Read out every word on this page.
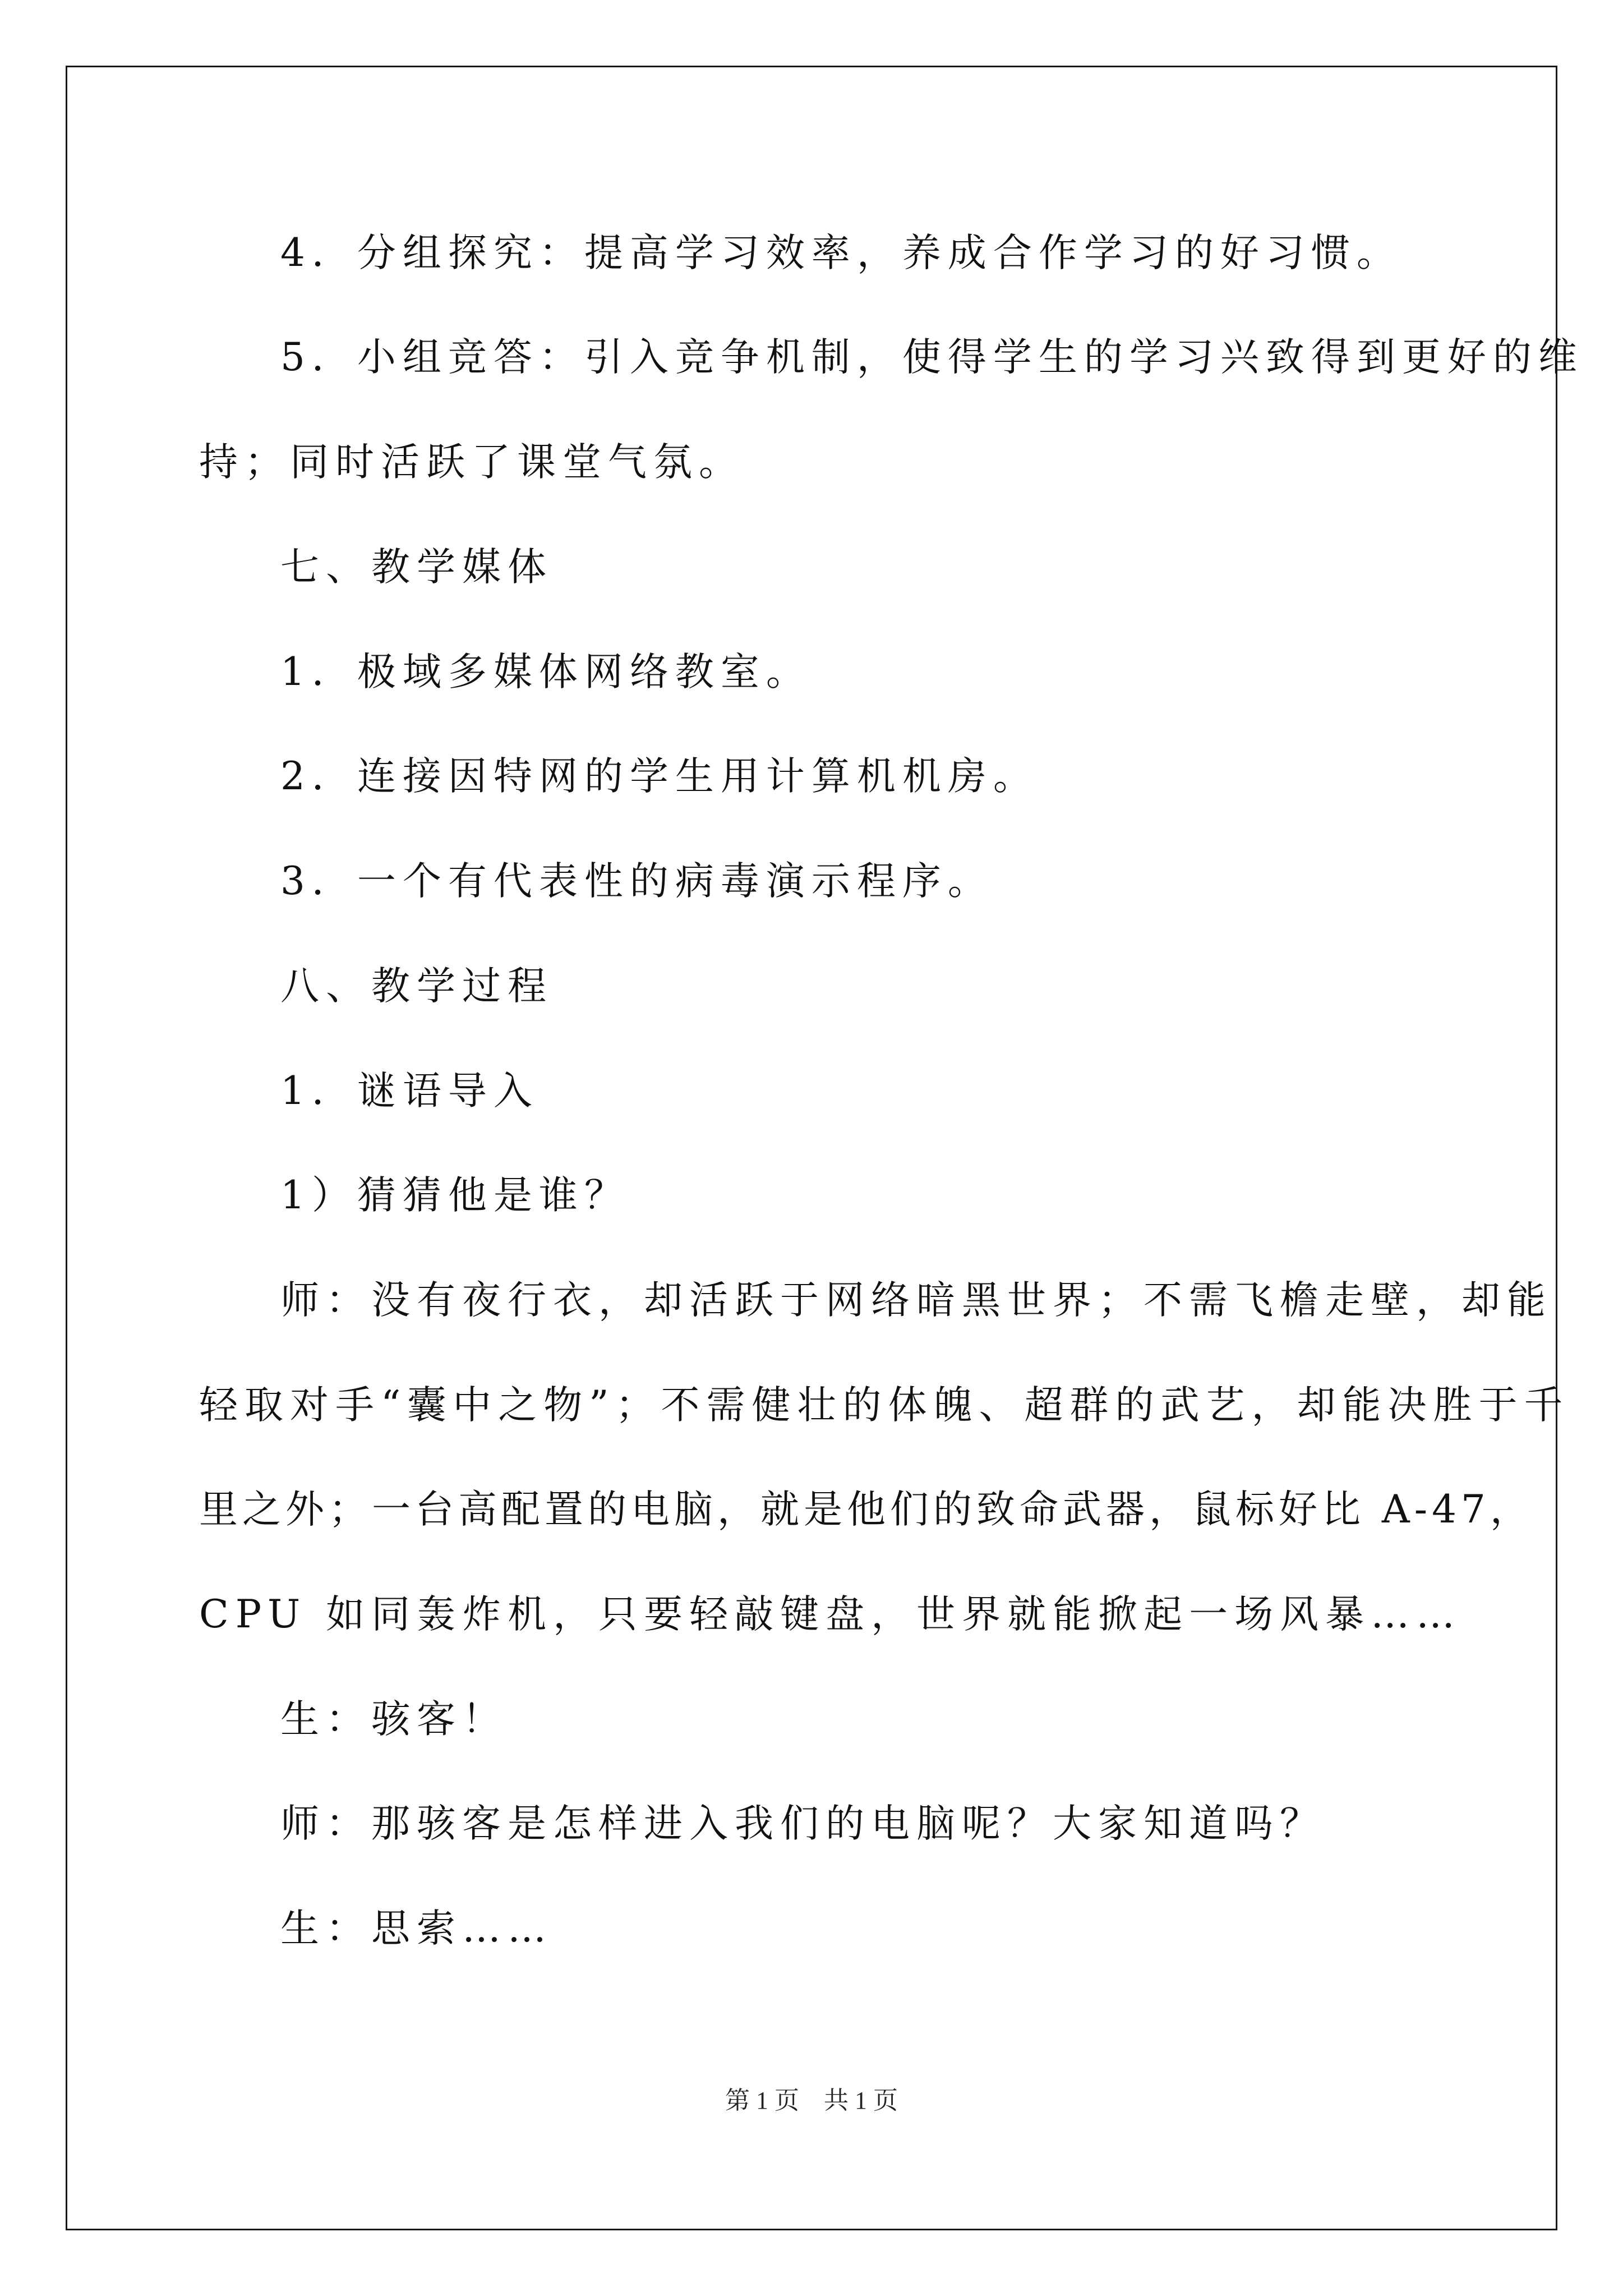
4．分组探究：提高学习效率，养成合作学习的好习惯。
5．小组竞答：引入竞争机制，使得学生的学习兴致得到更好的维
持；同时活跃了课堂气氛。
七、教学媒体
1．极域多媒体网络教室。
2．连接因特网的学生用计算机机房。
3．一个有代表性的病毒演示程序。
八、教学过程
1．谜语导入
1）猜猜他是谁？
师：没有夜行衣，却活跃于网络暗黑世界；不需飞檐走壁，却能
轻取对手“囊中之物”；不需健壮的体魄、超群的武艺，却能决胜于千
里之外；一台高配置的电脑，就是他们的致命武器，鼠标好比 A-47，
CPU 如同轰炸机，只要轻敲键盘，世界就能掀起一场风暴……
生：骇客！
师：那骇客是怎样进入我们的电脑呢？大家知道吗？
生：思索……
第 1 页　共 1 页
